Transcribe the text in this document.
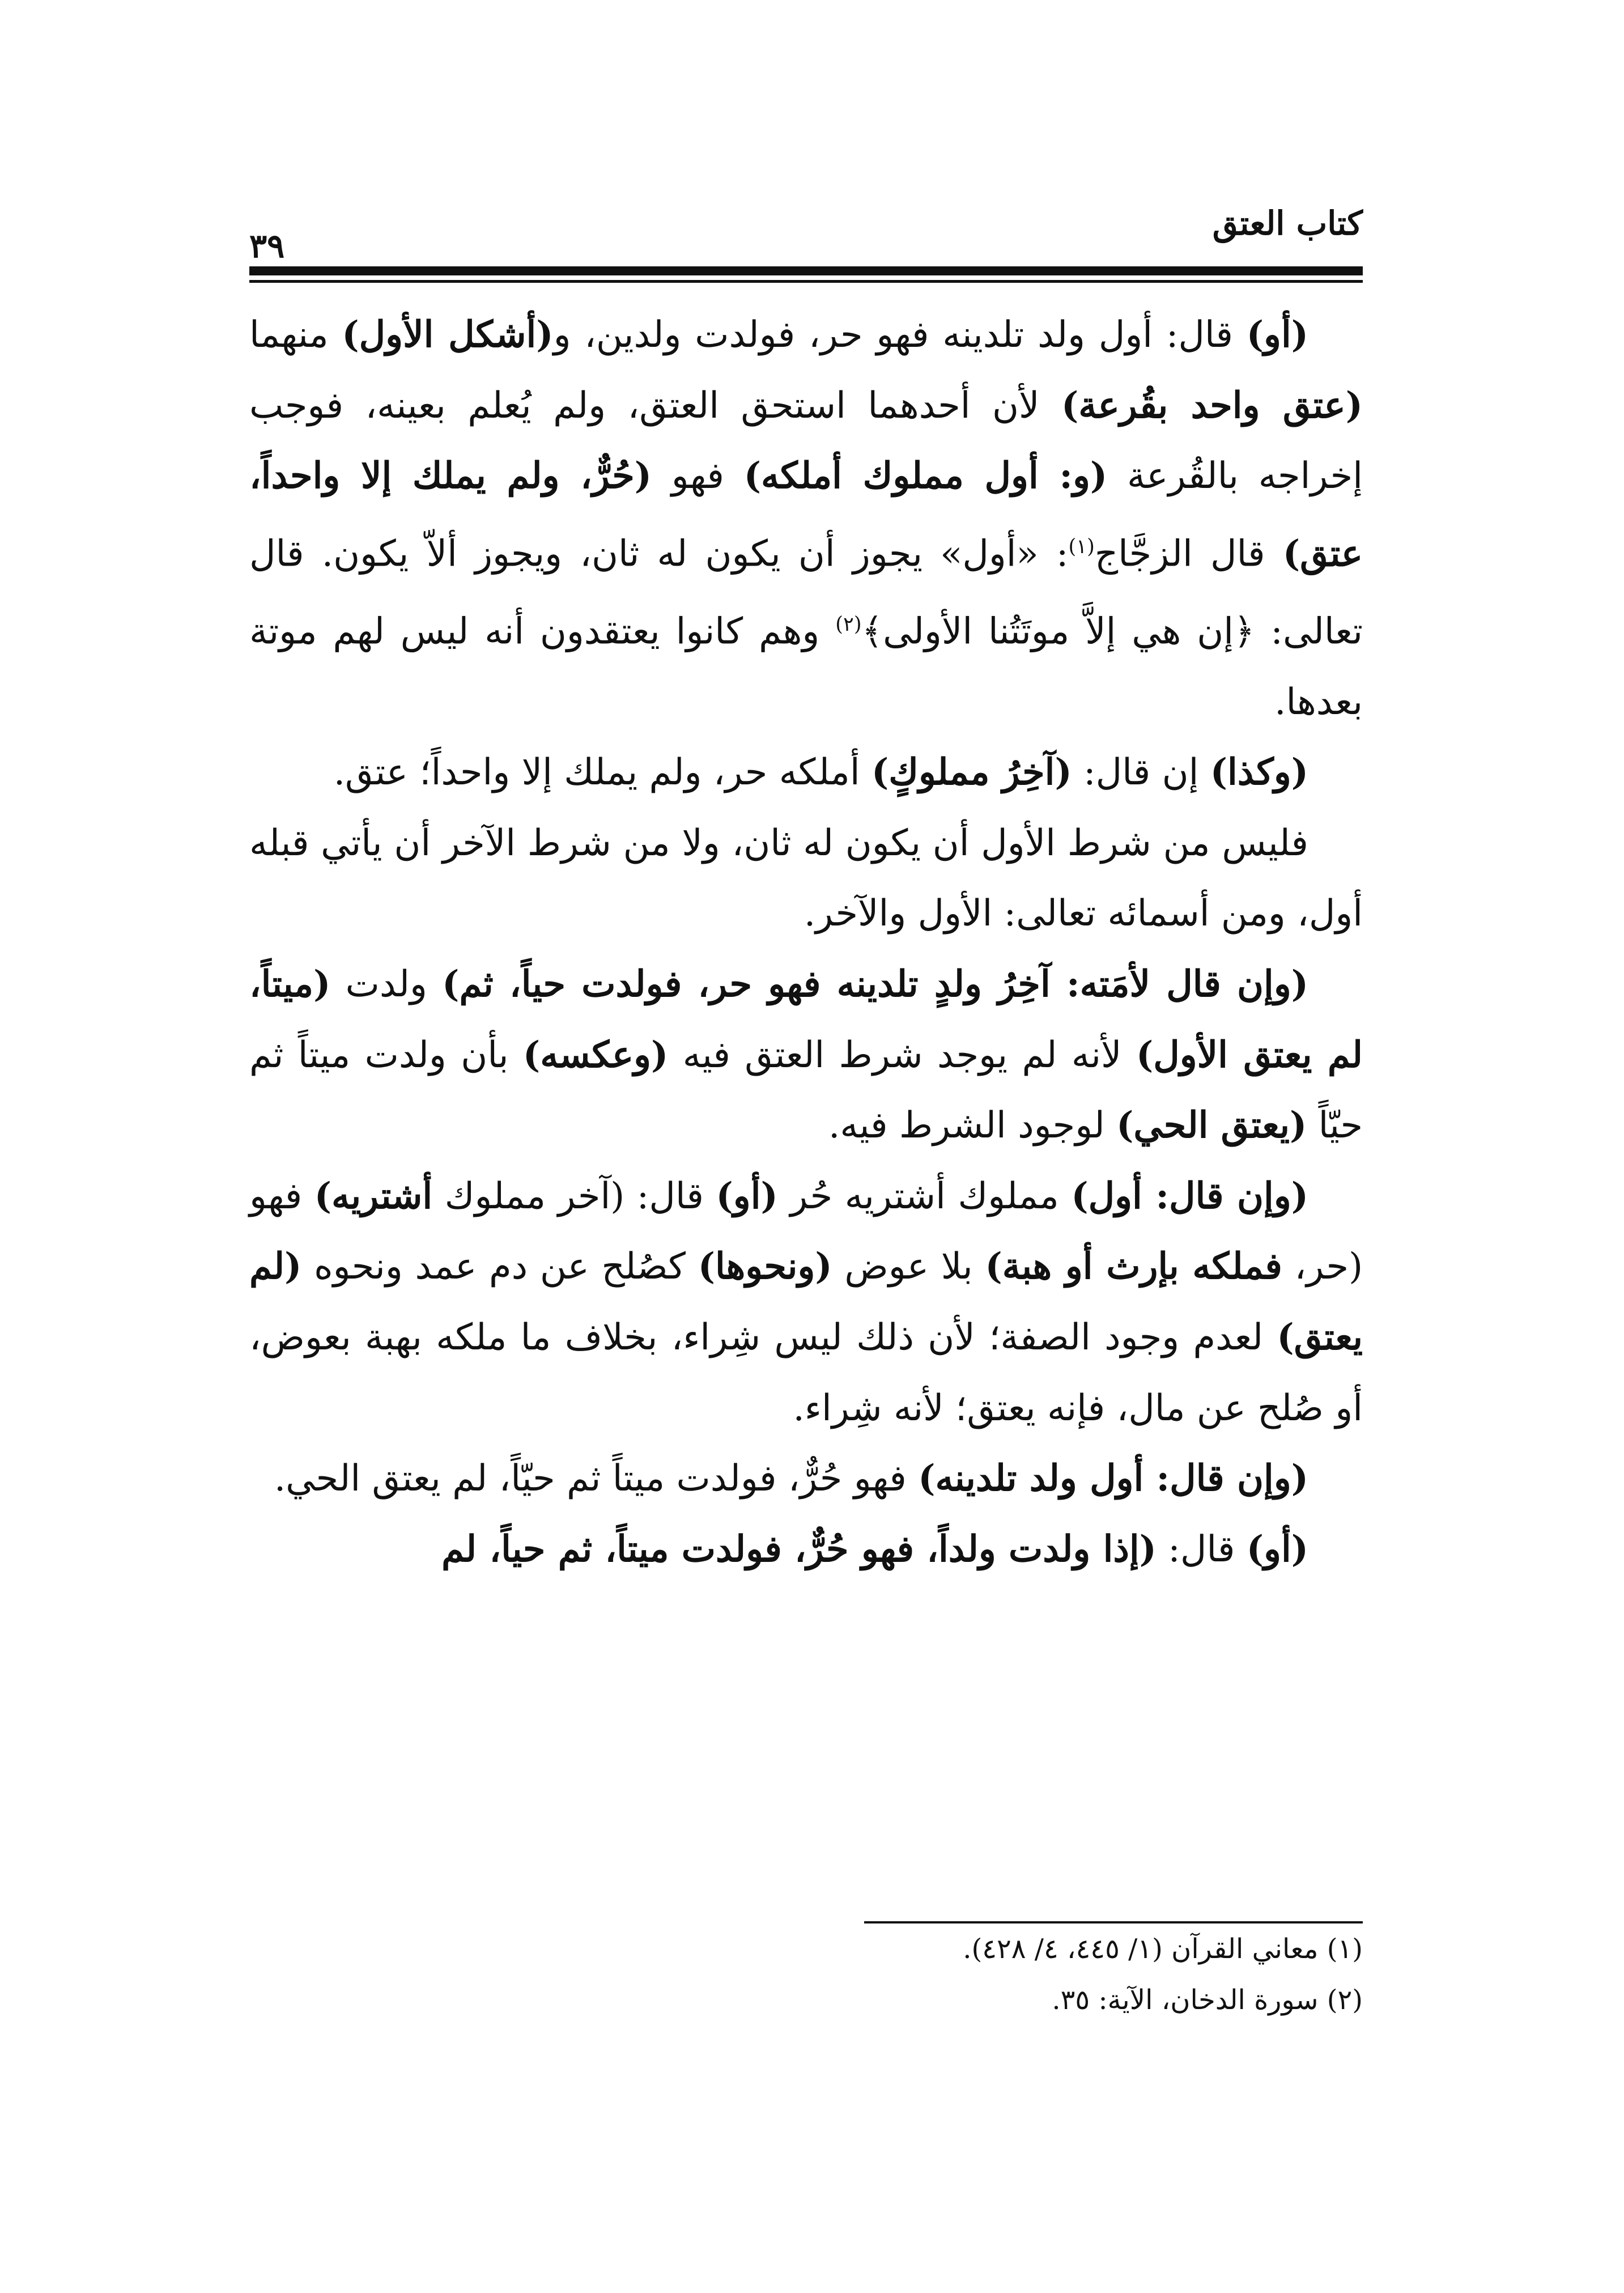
كتاب العتق
٣٩

(أو) قال: أول ولد تلدينه فهو حر، فولدت ولدين، و(أشكل الأول) منهما (عتق واحد بقُرعة) لأن أحدهما استحق العتق، ولم يُعلم بعينه، فوجب إخراجه بالقُرعة (و: أول مملوك أملكه) فهو (حُرٌّ، ولم يملك إلا واحداً، عتق) قال الزجَّاج$^{(١)}$: «أول» يجوز أن يكون له ثان، ويجوز ألاّ يكون. قال تعالى: ﴿إن هي إلاَّ موتَتُنا الأولى﴾$^{(٢)}$ وهم كانوا يعتقدون أنه ليس لهم موتة بعدها.

(وكذا) إن قال: (آخِرُ مملوكٍ) أملكه حر، ولم يملك إلا واحداً؛ عتق.

فليس من شرط الأول أن يكون له ثان، ولا من شرط الآخر أن يأتي قبله أول، ومن أسمائه تعالى: الأول والآخر.

(وإن قال لأمَته: آخِرُ ولدٍ تلدينه فهو حر، فولدت حياً، ثم) ولدت (ميتاً، لم يعتق الأول) لأنه لم يوجد شرط العتق فيه (وعكسه) بأن ولدت ميتاً ثم حيّاً (يعتق الحي) لوجود الشرط فيه.

(وإن قال: أول) مملوك أشتريه حُر (أو) قال: (آخر مملوك أشتريه) فهو (حر، فملكه بإرث أو هبة) بلا عوض (ونحوها) كصُلح عن دم عمد ونحوه (لم يعتق) لعدم وجود الصفة؛ لأن ذلك ليس شِراء، بخلاف ما ملكه بهبة بعوض، أو صُلح عن مال، فإنه يعتق؛ لأنه شِراء.

(وإن قال: أول ولد تلدينه) فهو حُرٌّ، فولدت ميتاً ثم حيّاً، لم يعتق الحي.

(أو) قال: (إذا ولدت ولداً، فهو حُرٌّ، فولدت ميتاً، ثم حياً، لم

(١) معاني القرآن (١/ ٤٤٥، ٤/ ٤٢٨).
(٢) سورة الدخان، الآية: ٣٥.
